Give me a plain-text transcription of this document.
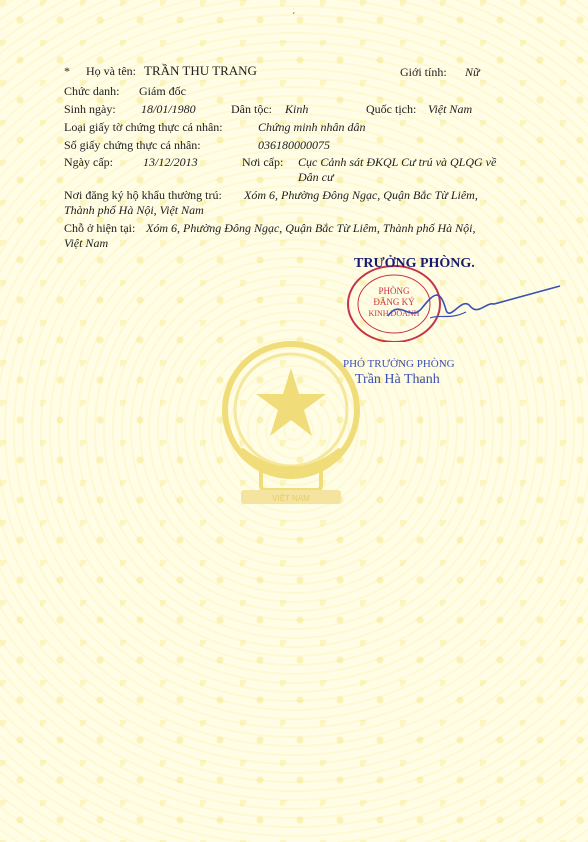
ˊ
* Họ và tên: TRẦN THU TRANG	Giới tính: Nữ
Chức danh: Giám đốc
Sinh ngày: 18/01/1980	Dân tộc: Kinh	Quốc tịch: Việt Nam
Loại giấy tờ chứng thực cá nhân:	Chứng minh nhân dân
Số giấy chứng thực cá nhân:	036180000075
Ngày cấp:	13/12/2013	Nơi cấp: Cục Cảnh sát ĐKQL Cư trú và QLQG về
Dân cư
Nơi đăng ký hộ khẩu thường trú: Xóm 6, Phường Đông Ngạc, Quận Bắc Từ Liêm,
Thành phố Hà Nội, Việt Nam
Chỗ ở hiện tại: Xóm 6, Phường Đông Ngạc, Quận Bắc Từ Liêm, Thành phố Hà Nội,
Việt Nam
VIỆT NAM
PHÒNG
ĐĂNG KÝ
KINH DOANH
TRƯỞNG PHÒNG.
PHÓ TRƯỞNG PHÒNG
Trần Hà Thanh
